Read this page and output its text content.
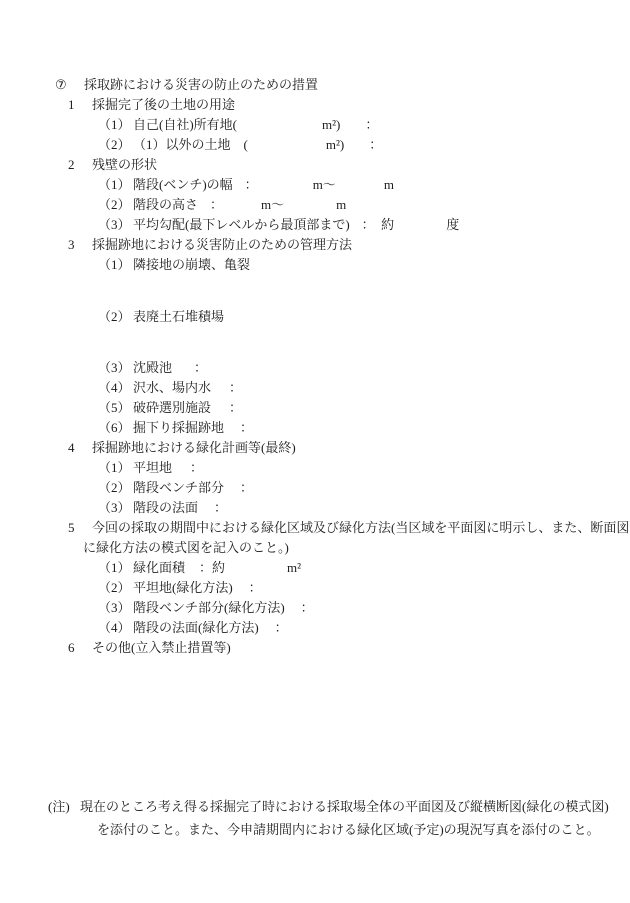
⑦ 採取跡における災害の防止のための措置
1 採掘完了後の土地の用途
（1） 自己(自社)所有地(	m²) ：
（2） （1）以外の土地　(	m²) ：
2 残壁の形状
（1） 階段(ベンチ)の幅 ：	m～	m
（2） 階段の高さ ：	m～	m
（3） 平均勾配(最下レベルから最頂部まで) ：　約	度
3 採掘跡地における災害防止のための管理方法
（1） 隣接地の崩壊、亀裂
（2） 表廃土石堆積場
（3） 沈殿池 ：
（4） 沢水、場内水 ：
（5） 破砕選別施設 ：
（6） 掘下り採掘跡地 ：
4 採掘跡地における緑化計画等(最終)
（1） 平坦地 ：
（2） 階段ベンチ部分 ：
（3） 階段の法面 ：
5 今回の採取の期間中における緑化区域及び緑化方法(当区域を平面図に明示し、また、断面図
に緑化方法の模式図を記入のこと。)
（1） 緑化面積 ：約	m²
（2） 平坦地(緑化方法) ：
（3） 階段ベンチ部分(緑化方法) ：
（4） 階段の法面(緑化方法) ：
6 その他(立入禁止措置等)
(注) 現在のところ考え得る採掘完了時における採取場全体の平面図及び縦横断図(緑化の模式図)
を添付のこと。また、今申請期間内における緑化区域(予定)の現況写真を添付のこと。
